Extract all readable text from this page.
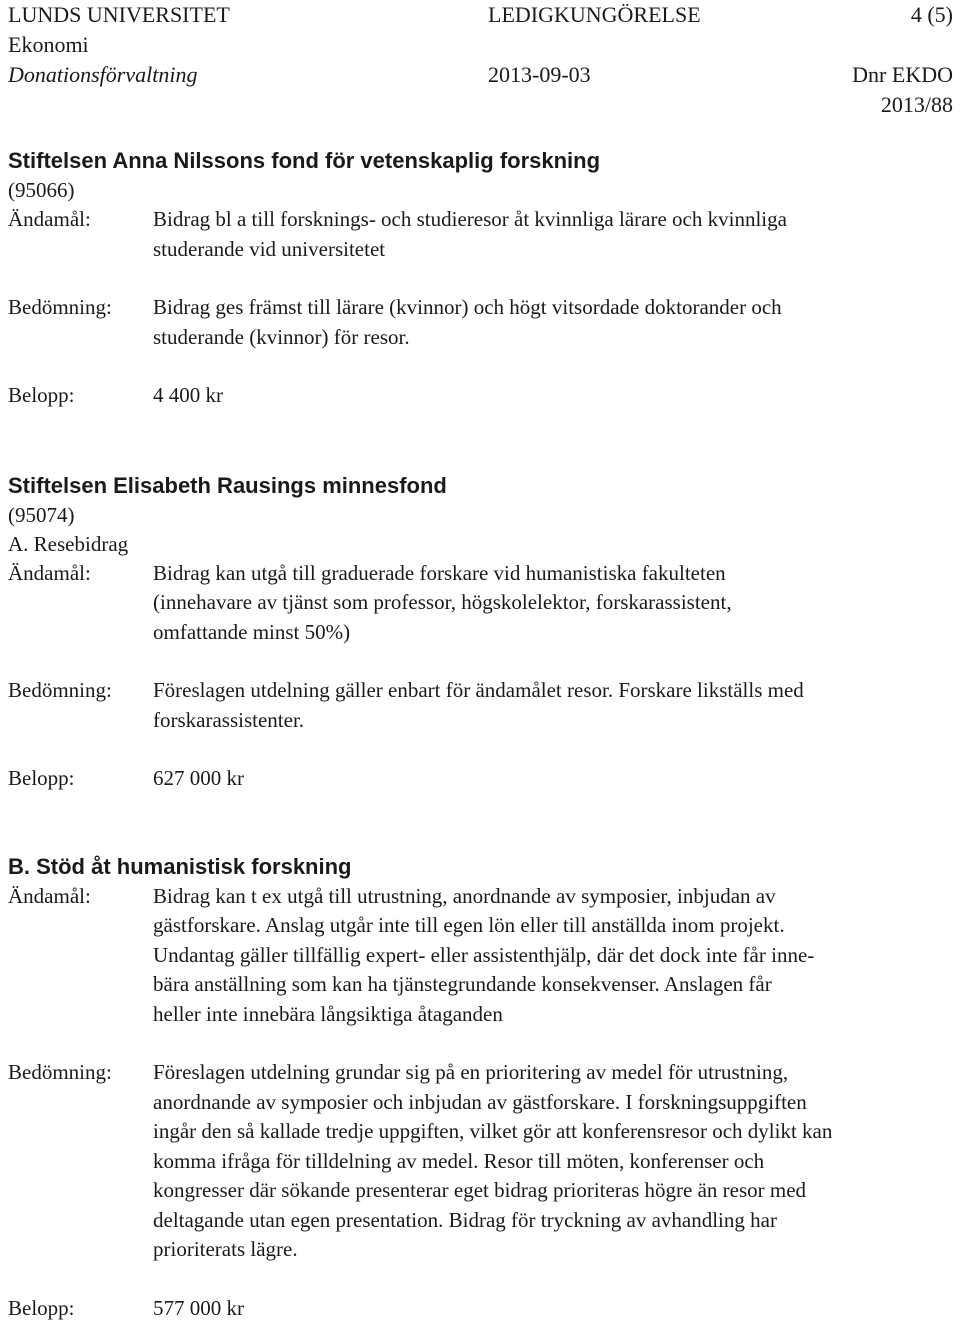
LUNDS UNIVERSITET	LEDIGKUNGÖRELSE	4 (5)
Ekonomi
Donationsförvaltning	2013-09-03	Dnr EKDO 2013/88
Stiftelsen Anna Nilssons fond för vetenskaplig forskning
(95066)
Ändamål:	Bidrag bl a till forsknings- och studieresor åt kvinnliga lärare och kvinnliga
studerande vid universitetet
Bedömning:	Bidrag ges främst till lärare (kvinnor) och högt vitsordade doktorander och
studerande (kvinnor) för resor.
Belopp:	4 400 kr
Stiftelsen Elisabeth Rausings minnesfond
(95074)
A. Resebidrag
Ändamål:	Bidrag kan utgå till graduerade forskare vid humanistiska fakulteten
(innehavare av tjänst som professor, högskolelektor, forskarassistent,
omfattande minst 50%)
Bedömning:	Föreslagen utdelning gäller enbart för ändamålet resor. Forskare likställs med
forskarassistenter.
Belopp:	627 000 kr
B. Stöd åt humanistisk forskning
Ändamål:	Bidrag kan t ex utgå till utrustning, anordnande av symposier, inbjudan av
gästforskare. Anslag utgår inte till egen lön eller till anställda inom projekt.
Undantag gäller tillfällig expert- eller assistenthjälp, där det dock inte får inne-
bära anställning som kan ha tjänstegrundande konsekvenser. Anslagen får
heller inte innebära långsiktiga åtaganden
Bedömning:	Föreslagen utdelning grundar sig på en prioritering av medel för utrustning,
anordnande av symposier och inbjudan av gästforskare. I forskningsuppgiften
ingår den så kallade tredje uppgiften, vilket gör att konferensresor och dylikt kan
komma ifråga för tilldelning av medel. Resor till möten, konferenser och
kongresser där sökande presenterar eget bidrag prioriteras högre än resor med
deltagande utan egen presentation. Bidrag för tryckning av avhandling har
prioriterats lägre.
Belopp:	577 000 kr
